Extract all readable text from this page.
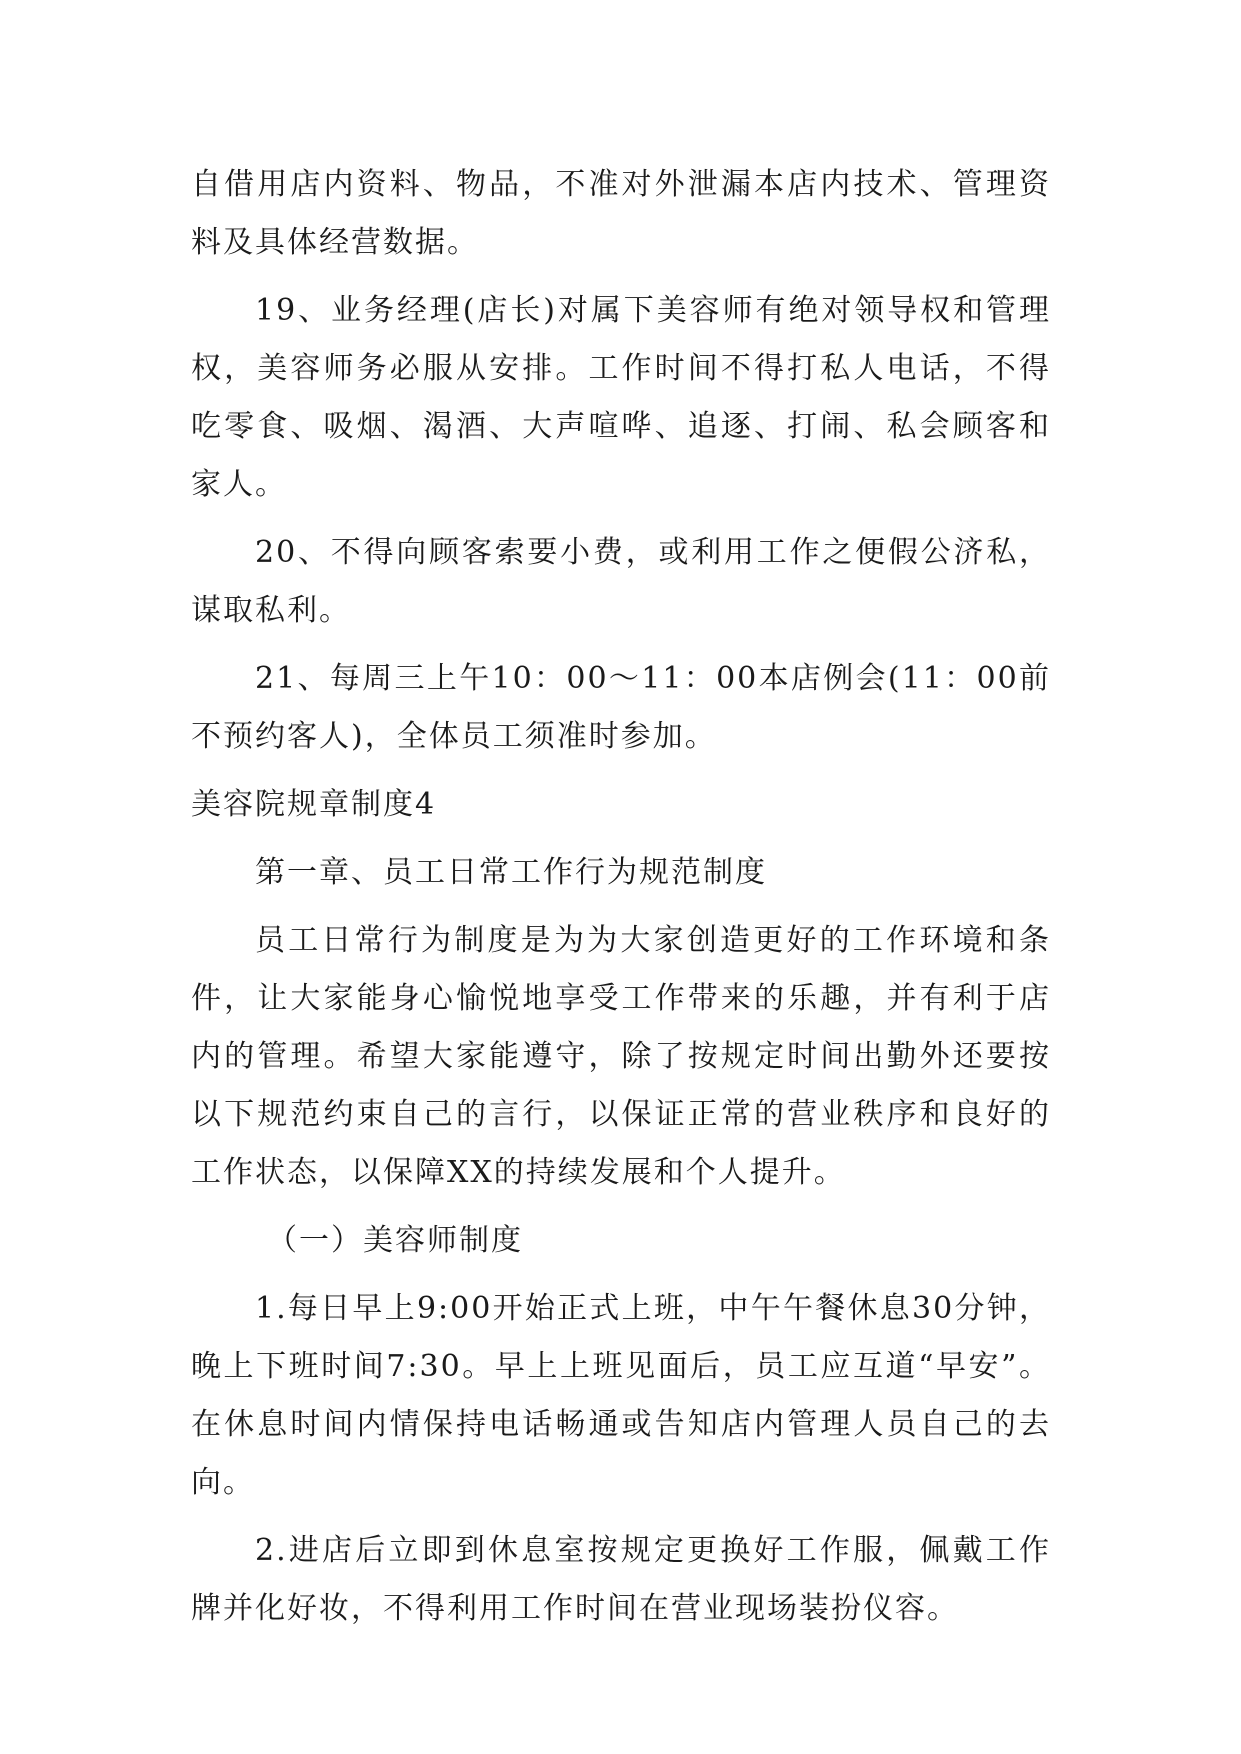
自借用店内资料、物品，不准对外泄漏本店内技术、管理资料及具体经营数据。

19、业务经理(店长)对属下美容师有绝对领导权和管理权，美容师务必服从安排。工作时间不得打私人电话，不得吃零食、吸烟、渴酒、大声喧哗、追逐、打闹、私会顾客和家人。

20、不得向顾客索要小费，或利用工作之便假公济私，谋取私利。

21、每周三上午10：00～11：00本店例会(11：00前不预约客人)，全体员工须准时参加。

美容院规章制度4

第一章、员工日常工作行为规范制度

员工日常行为制度是为为大家创造更好的工作环境和条件，让大家能身心愉悦地享受工作带来的乐趣，并有利于店内的管理。希望大家能遵守，除了按规定时间出勤外还要按以下规范约束自己的言行，以保证正常的营业秩序和良好的工作状态，以保障XX的持续发展和个人提升。

（一）美容师制度

1.每日早上9:00开始正式上班，中午午餐休息30分钟，晚上下班时间7:30。早上上班见面后，员工应互道“早安”。在休息时间内情保持电话畅通或告知店内管理人员自己的去向。

2.进店后立即到休息室按规定更换好工作服，佩戴工作牌并化好妆，不得利用工作时间在营业现场装扮仪容。
